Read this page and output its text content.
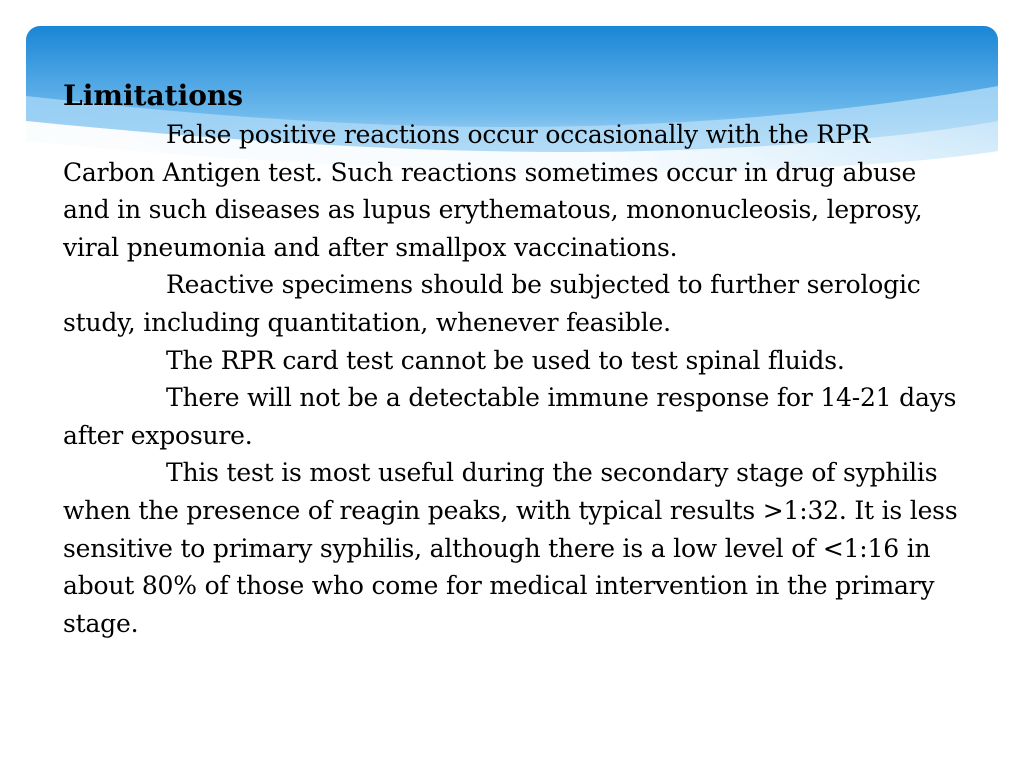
Limitations

False positive reactions occur occasionally with the RPR Carbon Antigen test. Such reactions sometimes occur in drug abuse and in such diseases as lupus erythematous, mononucleosis, leprosy, viral pneumonia and after smallpox vaccinations.

Reactive specimens should be subjected to further serologic study, including quantitation, whenever feasible.

The RPR card test cannot be used to test spinal fluids.

There will not be a detectable immune response for 14-21 days after exposure.

This test is most useful during the secondary stage of syphilis when the presence of reagin peaks, with typical results >1:32. It is less sensitive to primary syphilis, although there is a low level of <1:16 in about 80% of those who come for medical intervention in the primary stage.
